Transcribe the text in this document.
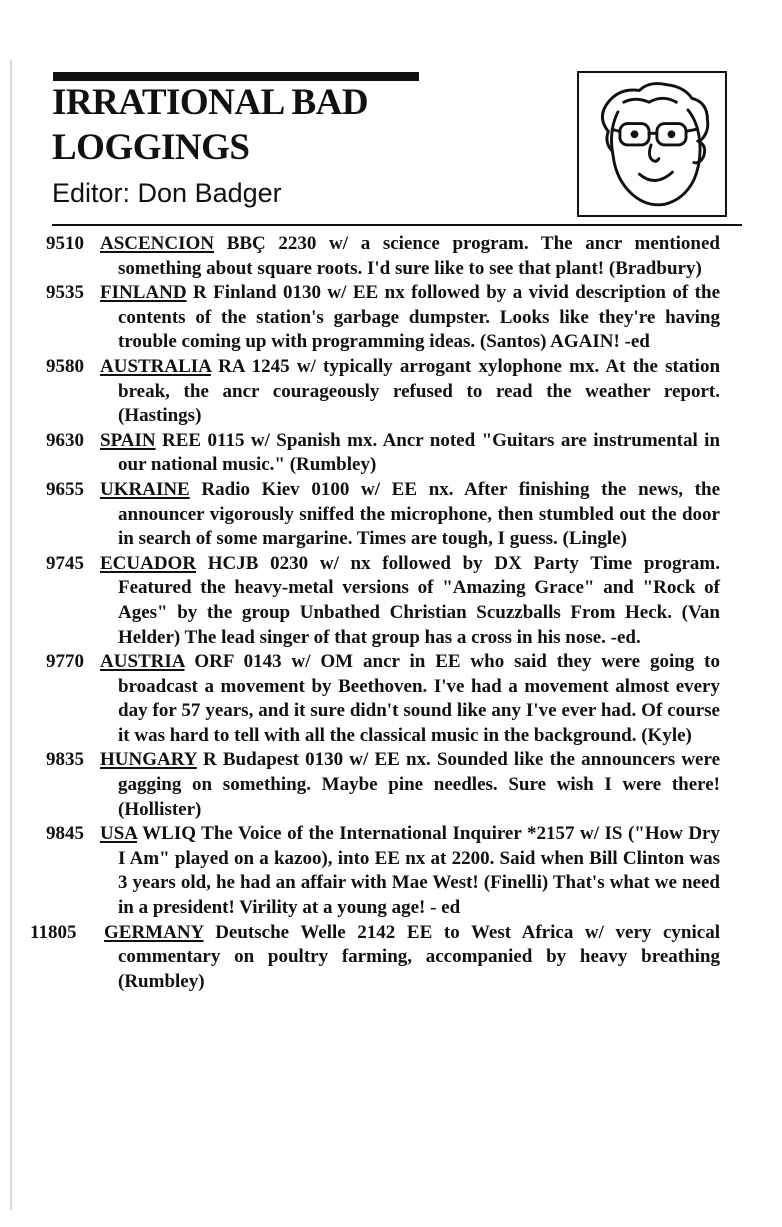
IRRATIONAL BAD
LOGGINGS
Editor: Don Badger
9510 ASCENCION BBÇ 2230 w/ a science program. The ancr mentioned something about square roots. I'd sure like to see that plant! (Bradbury)
9535 FINLAND R Finland 0130 w/ EE nx followed by a vivid description of the contents of the station's garbage dumpster. Looks like they're having trouble coming up with programming ideas. (Santos) AGAIN! -ed
9580 AUSTRALIA RA 1245 w/ typically arrogant xylophone mx. At the station break, the ancr courageously refused to read the weather report. (Hastings)
9630 SPAIN REE 0115 w/ Spanish mx. Ancr noted "Guitars are instrumental in our national music." (Rumbley)
9655 UKRAINE Radio Kiev 0100 w/ EE nx. After finishing the news, the announcer vigorously sniffed the microphone, then stumbled out the door in search of some margarine. Times are tough, I guess. (Lingle)
9745 ECUADOR HCJB 0230 w/ nx followed by DX Party Time program. Featured the heavy-metal versions of "Amazing Grace" and "Rock of Ages" by the group Unbathed Christian Scuzzballs From Heck. (Van Helder) The lead singer of that group has a cross in his nose. -ed.
9770 AUSTRIA ORF 0143 w/ OM ancr in EE who said they were going to broadcast a movement by Beethoven. I've had a movement almost every day for 57 years, and it sure didn't sound like any I've ever had. Of course it was hard to tell with all the classical music in the background. (Kyle)
9835 HUNGARY R Budapest 0130 w/ EE nx. Sounded like the announcers were gagging on something. Maybe pine needles. Sure wish I were there! (Hollister)
9845 USA WLIQ The Voice of the International Inquirer *2157 w/ IS ("How Dry I Am" played on a kazoo), into EE nx at 2200. Said when Bill Clinton was 3 years old, he had an affair with Mae West! (Finelli) That's what we need in a president! Virility at a young age! - ed
11805	GERMANY Deutsche Welle 2142 EE to West Africa w/ very cynical commentary on poultry farming, accompanied by heavy breathing (Rumbley)
